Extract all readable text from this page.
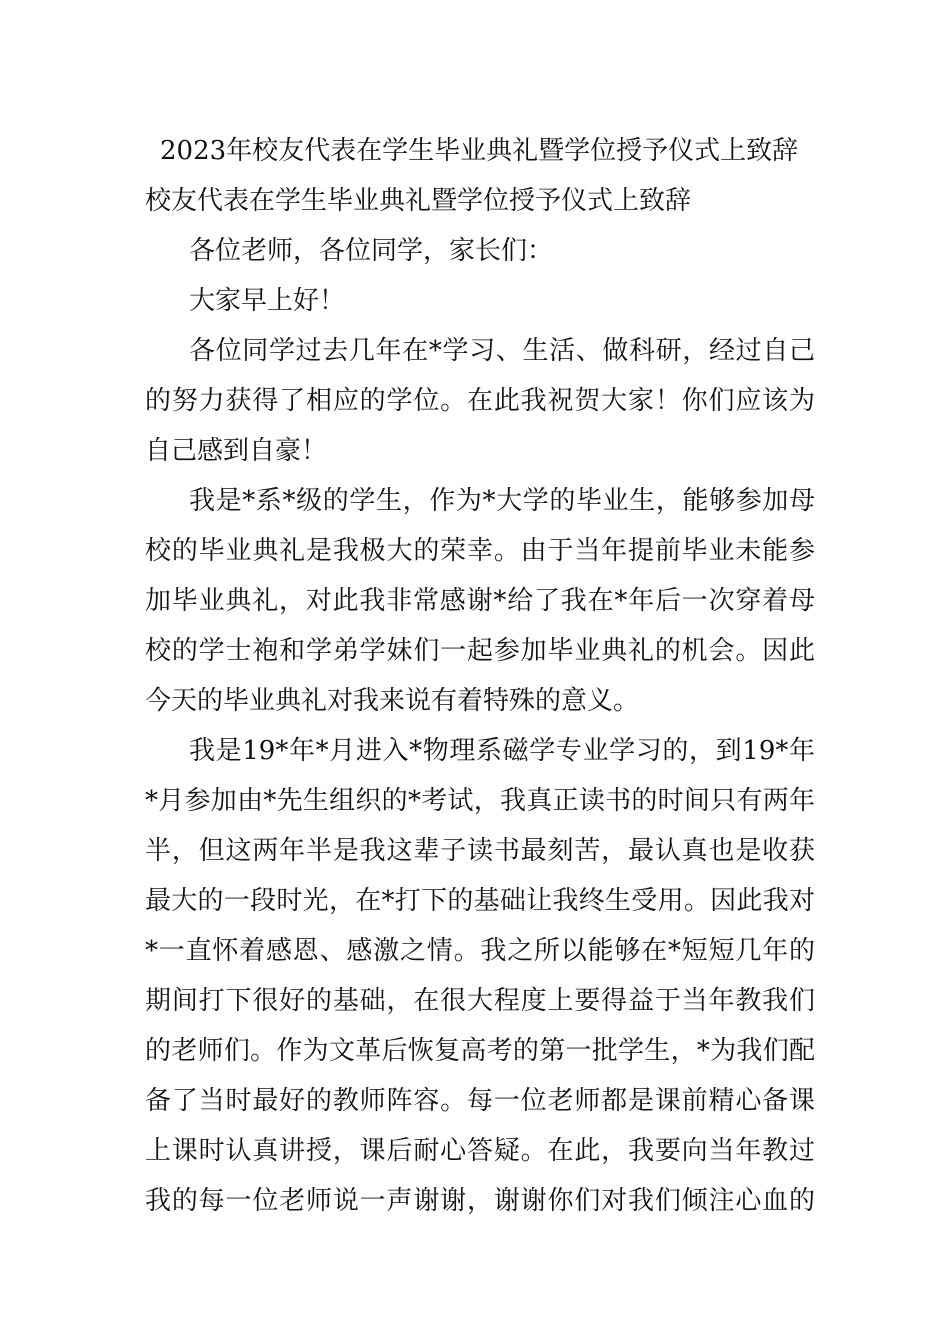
2023年校友代表在学生毕业典礼暨学位授予仪式上致辞
校友代表在学生毕业典礼暨学位授予仪式上致辞
各位老师，各位同学，家长们：
大家早上好！
各位同学过去几年在*学习、生活、做科研，经过自己
的努力获得了相应的学位。在此我祝贺大家！你们应该为
自己感到自豪！
我是*系*级的学生，作为*大学的毕业生，能够参加母
校的毕业典礼是我极大的荣幸。由于当年提前毕业未能参
加毕业典礼，对此我非常感谢*给了我在*年后一次穿着母
校的学士袍和学弟学妹们一起参加毕业典礼的机会。因此
今天的毕业典礼对我来说有着特殊的意义。
我是19*年*月进入*物理系磁学专业学习的，到19*年
*月参加由*先生组织的*考试，我真正读书的时间只有两年
半，但这两年半是我这辈子读书最刻苦，最认真也是收获
最大的一段时光，在*打下的基础让我终生受用。因此我对
*一直怀着感恩、感激之情。我之所以能够在*短短几年的
期间打下很好的基础，在很大程度上要得益于当年教我们
的老师们。作为文革后恢复高考的第一批学生，*为我们配
备了当时最好的教师阵容。每一位老师都是课前精心备课
上课时认真讲授，课后耐心答疑。在此，我要向当年教过
我的每一位老师说一声谢谢，谢谢你们对我们倾注心血的
